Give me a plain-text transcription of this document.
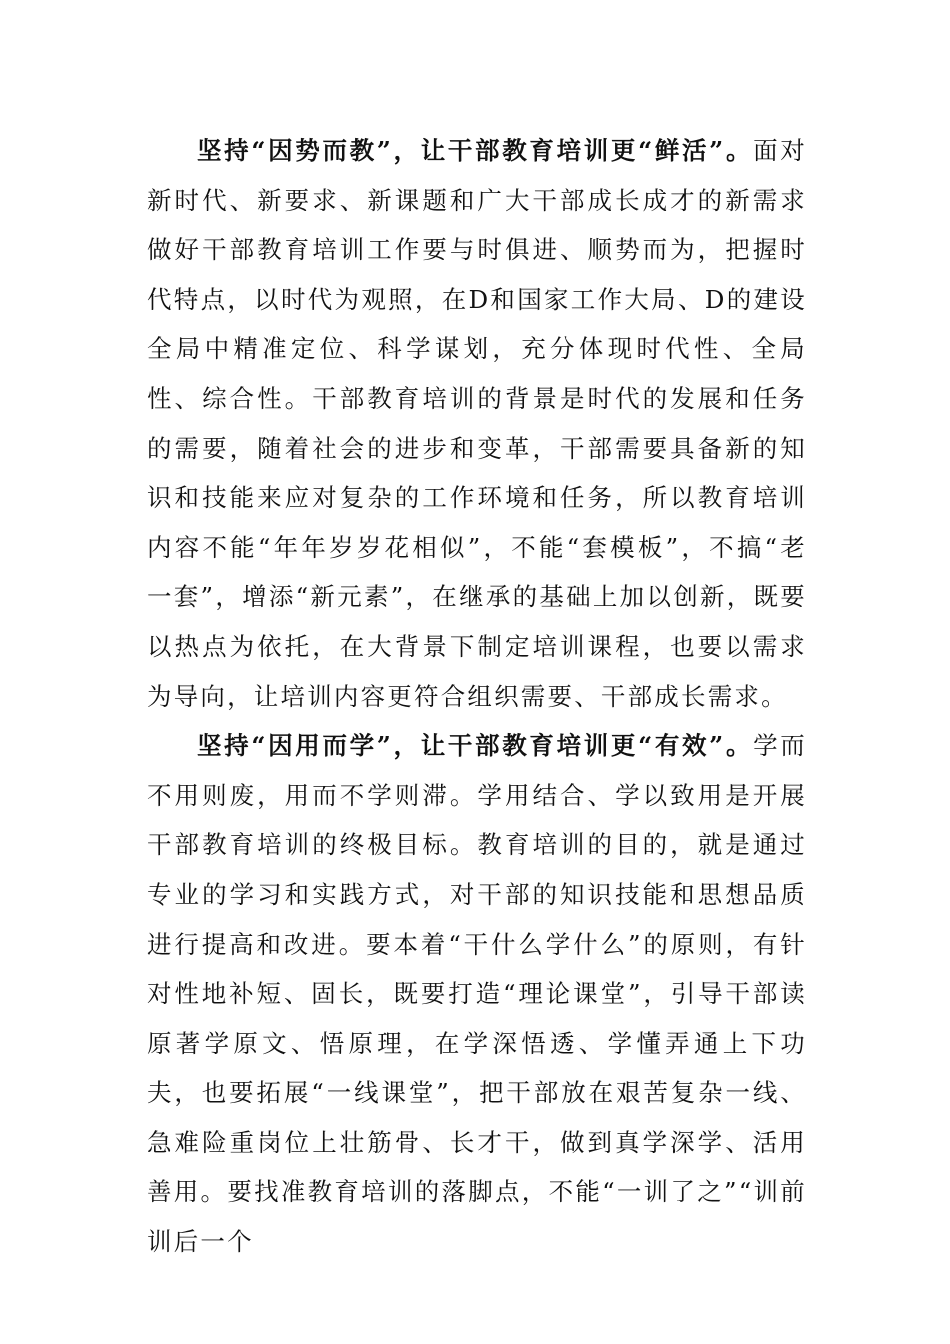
坚持“因势而教”，让干部教育培训更“鲜活”。面对新时代、新要求、新课题和广大干部成长成才的新需求做好干部教育培训工作要与时俱进、顺势而为，把握时代特点，以时代为观照，在D和国家工作大局、D的建设全局中精准定位、科学谋划，充分体现时代性、全局性、综合性。干部教育培训的背景是时代的发展和任务的需要，随着社会的进步和变革，干部需要具备新的知识和技能来应对复杂的工作环境和任务，所以教育培训内容不能“年年岁岁花相似”，不能“套模板”，不搞“老一套”，增添“新元素”，在继承的基础上加以创新，既要以热点为依托，在大背景下制定培训课程，也要以需求为导向，让培训内容更符合组织需要、干部成长需求。

坚持“因用而学”，让干部教育培训更“有效”。学而不用则废，用而不学则滞。学用结合、学以致用是开展干部教育培训的终极目标。教育培训的目的，就是通过专业的学习和实践方式，对干部的知识技能和思想品质进行提高和改进。要本着“干什么学什么”的原则，有针对性地补短、固长，既要打造“理论课堂”，引导干部读原著学原文、悟原理，在学深悟透、学懂弄通上下功夫，也要拓展“一线课堂”，把干部放在艰苦复杂一线、急难险重岗位上壮筋骨、长才干，做到真学深学、活用善用。要找准教育培训的落脚点，不能“一训了之”“训前训后一个
